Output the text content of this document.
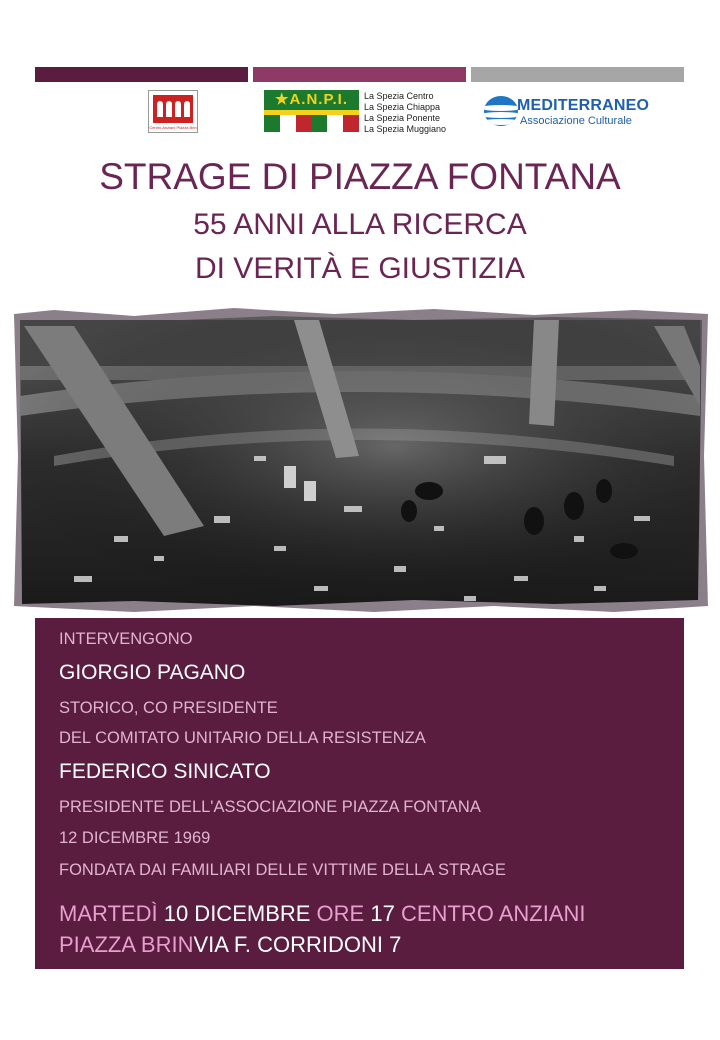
Centro Anziani Piazza Brin
★A.N.P.I.	La Spezia Centro
La Spezia Chiappa
La Spezia Ponente
La Spezia Muggiano
MEDITERRANEO
Associazione Culturale
STRAGE DI PIAZZA FONTANA
55 ANNI ALLA RICERCA
DI VERITÀ E GIUSTIZIA
INTERVENGONO
GIORGIO PAGANO
STORICO, CO PRESIDENTE
DEL COMITATO UNITARIO DELLA RESISTENZA
FEDERICO SINICATO
PRESIDENTE DELL'ASSOCIAZIONE PIAZZA FONTANA
12 DICEMBRE 1969
FONDATA DAI FAMILIARI DELLE VITTIME DELLA STRAGE
MARTEDÌ 10 DICEMBRE ORE 17 CENTRO ANZIANI
PIAZZA BRINVIA F. CORRIDONI 7
